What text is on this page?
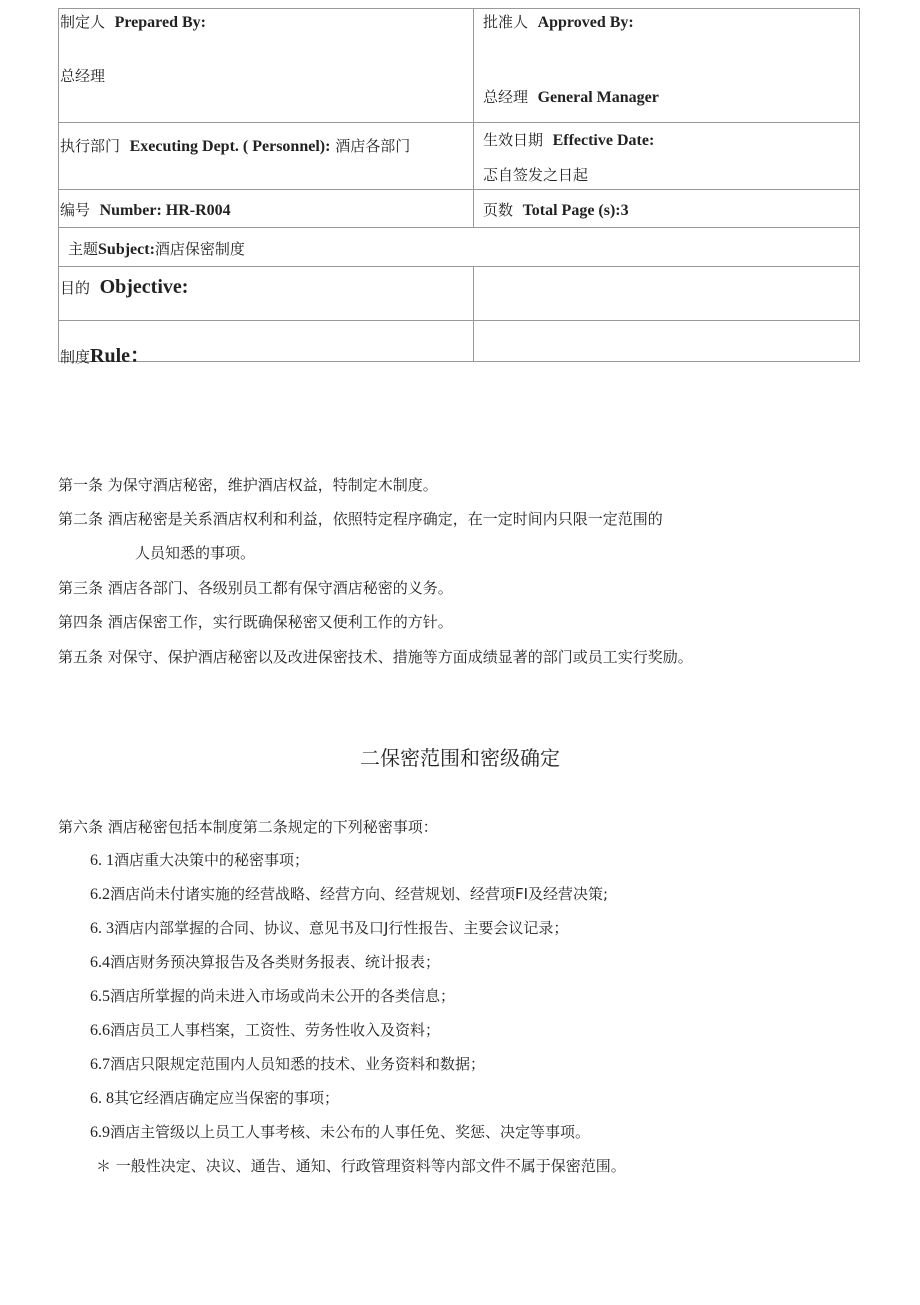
制定人 Prepared By:
总经理
批准人 Approved By:
总经理 General Manager
执行部门 Executing Dept. ( Personnel): 酒店各部门	生效日期 Effective Date:
忑自签发之日起
编号 Number: HR-R004	页数 Total Page (s):3
主题Subject:酒店保密制度
目的 Objective:
制度Rule：
第一条 为保守酒店秘密，维护酒店权益，特制定木制度。
第二条 酒店秘密是关系酒店权利和利益，依照特定程序确定，在一定时间内只限一定范围的
人员知悉的事项。
第三条 酒店各部门、各级别员工都有保守酒店秘密的义务。
第四条 酒店保密工作，实行既确保秘密又便利工作的方针。
第五条 对保守、保护酒店秘密以及改进保密技术、措施等方面成绩显著的部门或员工实行奖励。
二保密范围和密级确定
第六条 酒店秘密包括本制度第二条规定的下列秘密事项：
6. 1酒店重大决策中的秘密事项；
6.2酒店尚未付诸实施的经营战略、经营方向、经营规划、经营项FI及经营决策;
6. 3酒店内部掌握的合同、协议、意见书及口J行性报告、主要会议记录；
6.4酒店财务预决算报告及各类财务报表、统计报表；
6.5酒店所掌握的尚未进入市场或尚未公开的各类信息；
6.6酒店员工人事档案，工资性、劳务性收入及资料；
6.7酒店只限规定范围内人员知悉的技术、业务资料和数据；
6. 8其它经酒店确定应当保密的事项；
6.9酒店主管级以上员工人事考核、未公布的人事任免、奖惩、决定等事项。
＊ 一般性决定、决议、通告、通知、行政管理资料等内部文件不属于保密范围。
